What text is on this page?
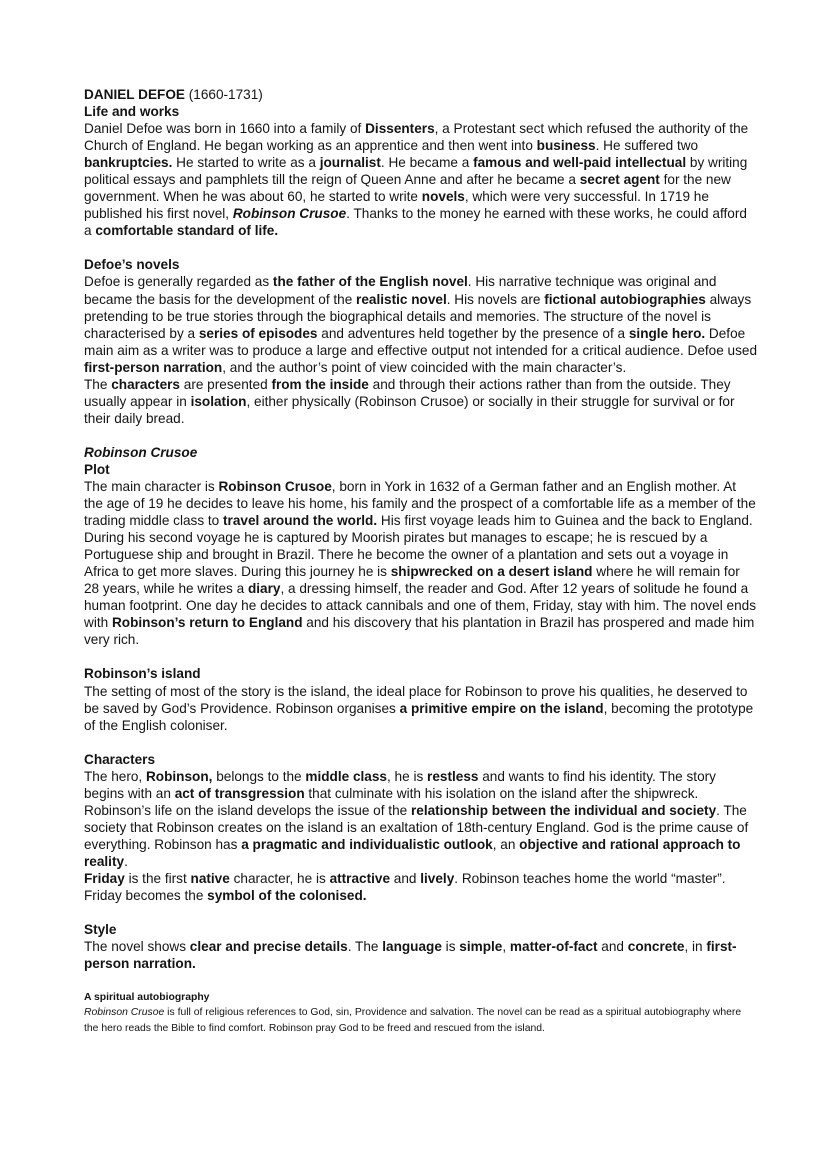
DANIEL DEFOE (1660-1731)

Life and works

Daniel Defoe was born in 1660 into a family of Dissenters, a Protestant sect which refused the authority of the Church of England. He began working as an apprentice and then went into business. He suffered two bankruptcies. He started to write as a journalist. He became a famous and well-paid intellectual by writing political essays and pamphlets till the reign of Queen Anne and after he became a secret agent for the new government. When he was about 60, he started to write novels, which were very successful. In 1719 he published his first novel, Robinson Crusoe. Thanks to the money he earned with these works, he could afford a comfortable standard of life.

Defoe’s novels

Defoe is generally regarded as the father of the English novel. His narrative technique was original and became the basis for the development of the realistic novel. His novels are fictional autobiographies always pretending to be true stories through the biographical details and memories. The structure of the novel is characterised by a series of episodes and adventures held together by the presence of a single hero. Defoe main aim as a writer was to produce a large and effective output not intended for a critical audience. Defoe used first-person narration, and the author’s point of view coincided with the main character’s.

The characters are presented from the inside and through their actions rather than from the outside. They usually appear in isolation, either physically (Robinson Crusoe) or socially in their struggle for survival or for their daily bread.

Robinson Crusoe

Plot

The main character is Robinson Crusoe, born in York in 1632 of a German father and an English mother. At the age of 19 he decides to leave his home, his family and the prospect of a comfortable life as a member of the trading middle class to travel around the world. His first voyage leads him to Guinea and the back to England. During his second voyage he is captured by Moorish pirates but manages to escape; he is rescued by a Portuguese ship and brought in Brazil. There he become the owner of a plantation and sets out a voyage in Africa to get more slaves. During this journey he is shipwrecked on a desert island where he will remain for 28 years, while he writes a diary, a dressing himself, the reader and God. After 12 years of solitude he found a human footprint. One day he decides to attack cannibals and one of them, Friday, stay with him. The novel ends with Robinson’s return to England and his discovery that his plantation in Brazil has prospered and made him very rich.

Robinson’s island

The setting of most of the story is the island, the ideal place for Robinson to prove his qualities, he deserved to be saved by God’s Providence. Robinson organises a primitive empire on the island, becoming the prototype of the English coloniser.

Characters

The hero, Robinson, belongs to the middle class, he is restless and wants to find his identity. The story begins with an act of transgression that culminate with his isolation on the island after the shipwreck. Robinson’s life on the island develops the issue of the relationship between the individual and society. The society that Robinson creates on the island is an exaltation of 18th-century England. God is the prime cause of everything. Robinson has a pragmatic and individualistic outlook, an objective and rational approach to reality.

Friday is the first native character, he is attractive and lively. Robinson teaches home the world “master”. Friday becomes the symbol of the colonised.

Style

The novel shows clear and precise details. The language is simple, matter-of-fact and concrete, in first-person narration.

A spiritual autobiography

Robinson Crusoe is full of religious references to God, sin, Providence and salvation. The novel can be read as a spiritual autobiography where the hero reads the Bible to find comfort. Robinson pray God to be freed and rescued from the island.
